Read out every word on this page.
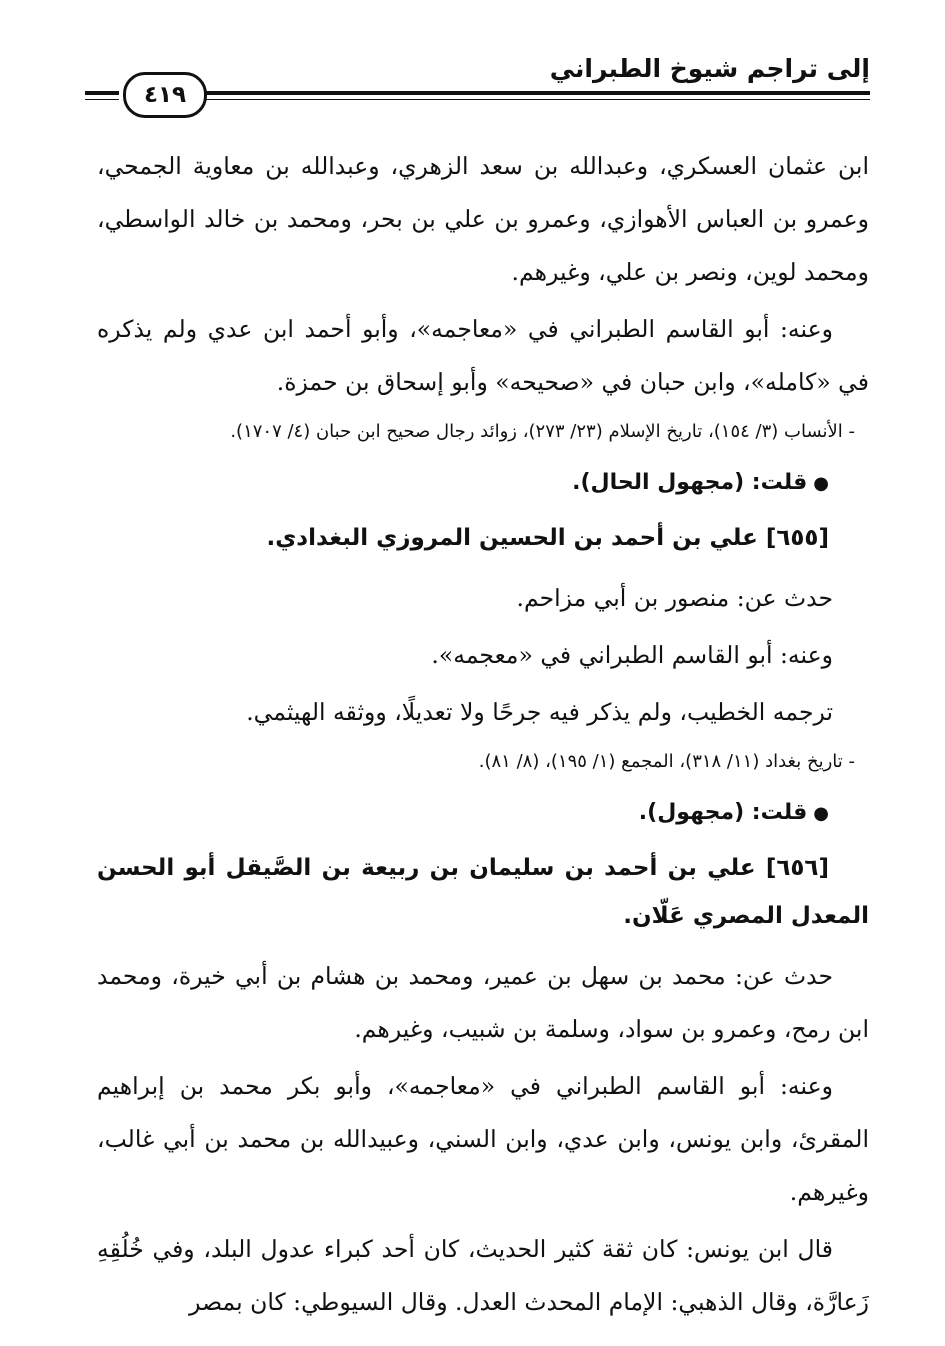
إلى تراجم شيوخ الطبراني
٤١٩

ابن عثمان العسكري، وعبدالله بن سعد الزهري، وعبدالله بن معاوية الجمحي، وعمرو بن العباس الأهوازي، وعمرو بن علي بن بحر، ومحمد بن خالد الواسطي، ومحمد لوين، ونصر بن علي، وغيرهم.

وعنه: أبو القاسم الطبراني في «معاجمه»، وأبو أحمد ابن عدي ولم يذكره في «كامله»، وابن حبان في «صحيحه» وأبو إسحاق بن حمزة.

- الأنساب (٣/ ١٥٤)، تاريخ الإسلام (٢٣/ ٢٧٣)، زوائد رجال صحيح ابن حبان (٤/ ١٧٠٧).

●قلت: (مجهول الحال).

[٦٥٥] علي بن أحمد بن الحسين المروزي البغدادي.

حدث عن: منصور بن أبي مزاحم.

وعنه: أبو القاسم الطبراني في «معجمه».

ترجمه الخطيب، ولم يذكر فيه جرحًا ولا تعديلًا، ووثقه الهيثمي.

- تاريخ بغداد (١١/ ٣١٨)، المجمع (١/ ١٩٥)، (٨/ ٨١).

●قلت: (مجهول).

[٦٥٦] علي بن أحمد بن سليمان بن ربيعة بن الصَّيقل أبو الحسن المعدل المصري عَلّان.

حدث عن: محمد بن سهل بن عمير، ومحمد بن هشام بن أبي خيرة، ومحمد ابن رمح، وعمرو بن سواد، وسلمة بن شبيب، وغيرهم.

وعنه: أبو القاسم الطبراني في «معاجمه»، وأبو بكر محمد بن إبراهيم المقرئ، وابن يونس، وابن عدي، وابن السني، وعبيدالله بن محمد بن أبي غالب، وغيرهم.

قال ابن يونس: كان ثقة كثير الحديث، كان أحد كبراء عدول البلد، وفي خُلُقِهِ زَعارَّة، وقال الذهبي: الإمام المحدث العدل. وقال السيوطي: كان بمصر
